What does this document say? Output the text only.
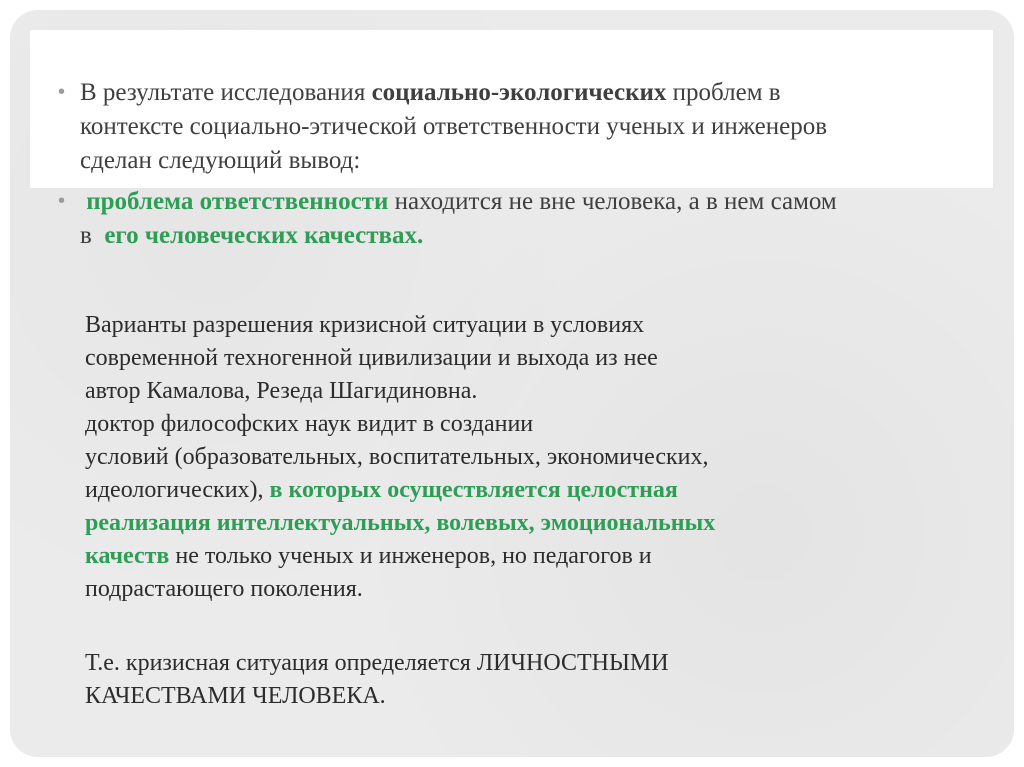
• В результате исследования социально-экологических проблем в
контексте социально-этической ответственности ученых и инженеров
сделан следующий вывод:
• проблема ответственности находится не вне человека, а в нем самом
в  его человеческих качествах.
Варианты разрешения кризисной ситуации в условиях
современной техногенной цивилизации и выхода из нее
автор Камалова, Резеда Шагидиновна.
доктор философских наук видит в создании
условий (образовательных, воспитательных, экономических,
идеологических), в которых осуществляется целостная
реализация интеллектуальных, волевых, эмоциональных
качеств не только ученых и инженеров, но педагогов и
подрастающего поколения.
Т.е. кризисная ситуация определяется ЛИЧНОСТНЫМИ
КАЧЕСТВАМИ ЧЕЛОВЕКА.
